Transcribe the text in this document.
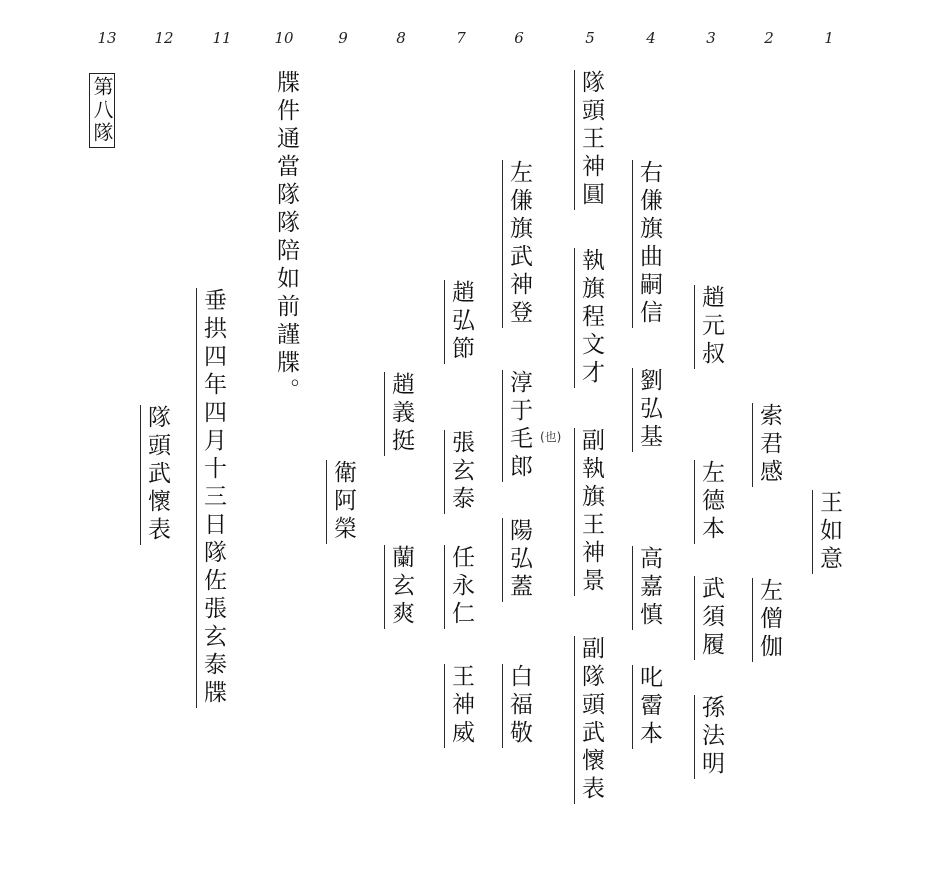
13	12	11	10	9	8	7	6	5	4	3	2	1
第八隊
王如意
索君感
左僧伽
趙元叔
左德本
武須履
孫法明
右傔旗曲嗣信
劉弘基
高嘉慎
叱霤本
隊頭王神圓
執旗程文才
副執旗王神景
副隊頭武懷表
(也)
左傔旗武神登
淳于毛郎
陽弘蓋
白福敬
趙弘節
張玄泰
任永仁
王神威
趙義挺
蘭玄爽
衛阿榮
牒件通當隊隊陪如前謹牒。
垂拱四年四月十三日隊佐張玄泰牒
隊頭武懷表
